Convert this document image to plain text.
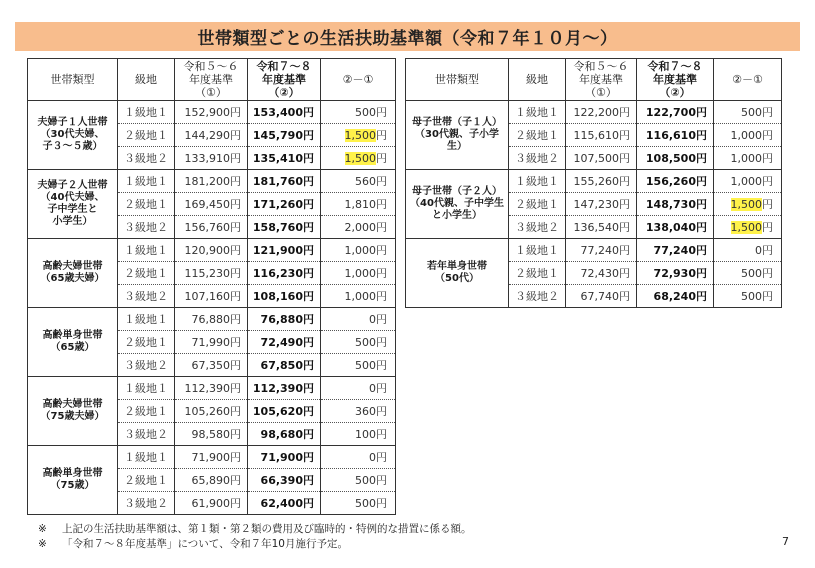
世帯類型ごとの生活扶助基準額（令和７年１０月～）
世帯類型	級地	令和５～６
年度基準
（①）	令和７～８
年度基準
（②）	②－①
夫婦子１人世帯
（30代夫婦、
子３～５歳）	１級地１	152,900円	153,400円	500円
	２級地１	144,290円	145,790円	1,500円
	３級地２	133,910円	135,410円	1,500円
夫婦子２人世帯
（40代夫婦、
子中学生と
小学生）	１級地１	181,200円	181,760円	560円
	２級地１	169,450円	171,260円	1,810円
	３級地２	156,760円	158,760円	2,000円
高齢夫婦世帯
（65歳夫婦）	１級地１	120,900円	121,900円	1,000円
	２級地１	115,230円	116,230円	1,000円
	３級地２	107,160円	108,160円	1,000円
高齢単身世帯
（65歳）	１級地１	76,880円	76,880円	0円
	２級地１	71,990円	72,490円	500円
	３級地２	67,350円	67,850円	500円
高齢夫婦世帯
（75歳夫婦）	１級地１	112,390円	112,390円	0円
	２級地１	105,260円	105,620円	360円
	３級地２	98,580円	98,680円	100円
高齢単身世帯
（75歳）	１級地１	71,900円	71,900円	0円
	２級地１	65,890円	66,390円	500円
	３級地２	61,900円	62,400円	500円
世帯類型	級地	令和５～６
年度基準
（①）	令和７～８
年度基準
（②）	②－①
母子世帯（子１人）
（30代親、子小学
生）	１級地１	122,200円	122,700円	500円
	２級地１	115,610円	116,610円	1,000円
	３級地２	107,500円	108,500円	1,000円
母子世帯（子２人）
（40代親、子中学生
と小学生）	１級地１	155,260円	156,260円	1,000円
	２級地１	147,230円	148,730円	1,500円
	３級地２	136,540円	138,040円	1,500円
若年単身世帯
（50代）	１級地１	77,240円	77,240円	0円
	２級地１	72,430円	72,930円	500円
	３級地２	67,740円	68,240円	500円
※ 上記の生活扶助基準額は、第１類・第２類の費用及び臨時的・特例的な措置に係る額。
※ 「令和７～８年度基準」について、令和７年10月施行予定。	7
